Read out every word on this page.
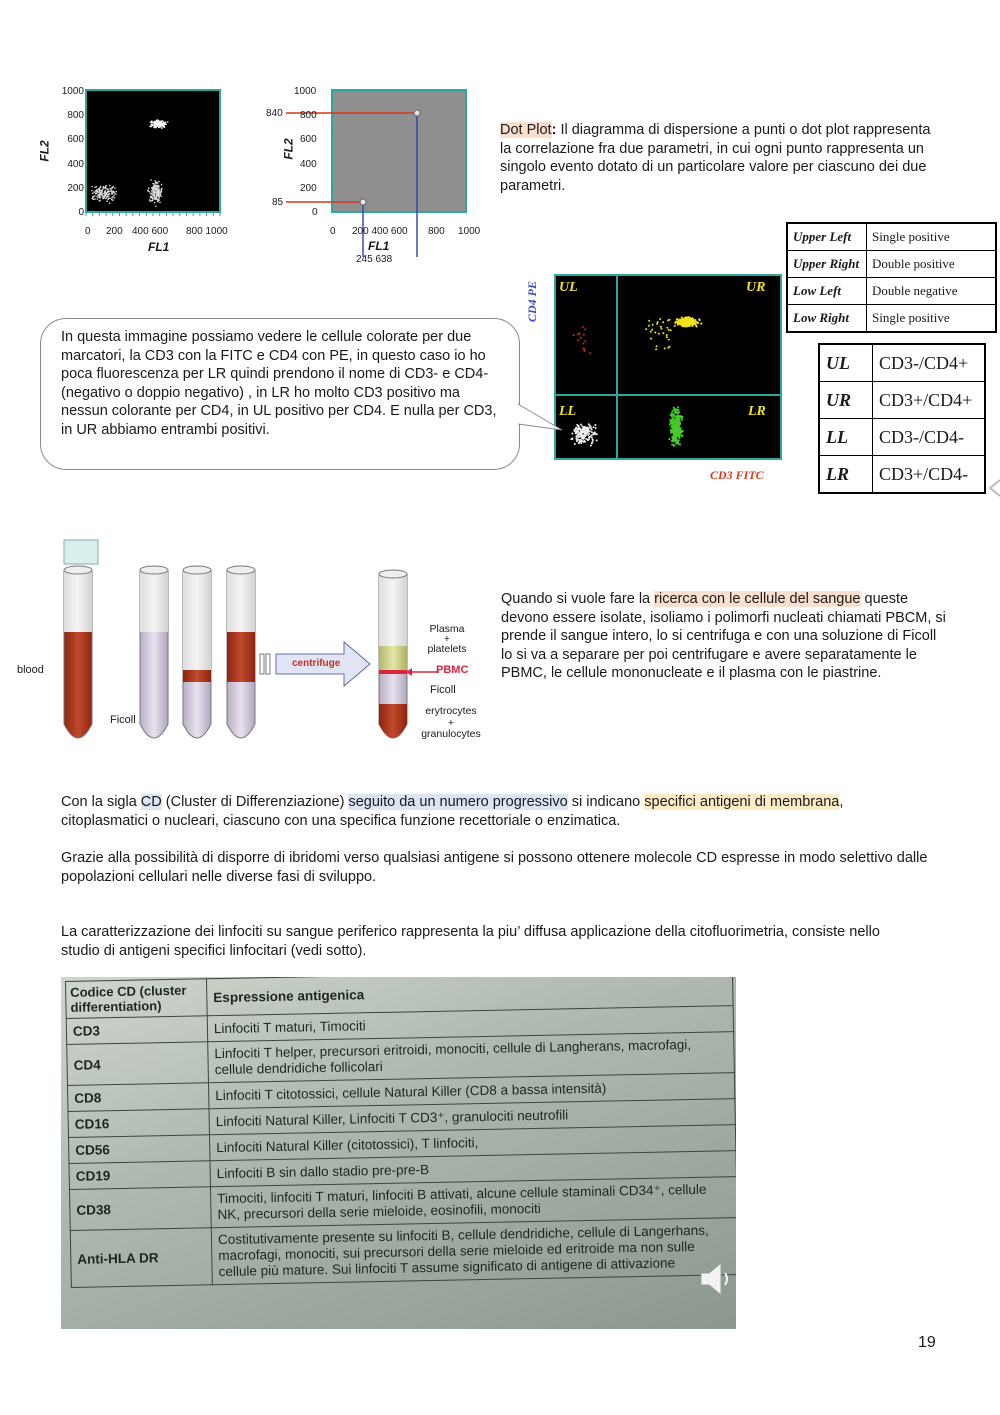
1000
800
600
400
200
0
0 200 400 600 800 1000
FL1
FL2
1000
800
600
400
200
0
840
85
0 200 400 600 800 1000
FL1
FL2
245 638
Dot Plot: Il diagramma di dispersione a punti o dot plot rappresenta la correlazione fra due parametri, in cui ogni punto rappresenta un singolo evento dotato di un particolare valore per ciascuno dei due parametri.
Upper Left	Single positive
Upper Right	Double positive
Low Left	Double negative
Low Right	Single positive
UL	UR
LL	LR
CD3 FITC
CD4 PE
UL	CD3-/CD4+
UR	CD3+/CD4+
LL	CD3-/CD4-
LR	CD3+/CD4-
In questa immagine possiamo vedere le cellule colorate per due marcatori, la CD3 con la FITC e CD4 con PE, in questo caso io ho poca fluorescenza per LR quindi prendono il nome di CD3- e CD4- (negativo o doppio negativo) , in LR ho molto CD3 positivo ma nessun colorante per CD4, in UL positivo per CD4. E nulla per CD3, in UR abbiamo entrambi positivi.
blood
Ficoll
centrifuge
Plasma
+
platelets
PBMC
Ficoll
erytrocytes
+
granulocytes
Quando si vuole fare la ricerca con le cellule del sangue queste devono essere isolate, isoliamo i polimorfi nucleati chiamati PBCM, si prende il sangue intero, lo si centrifuga e con una soluzione di Ficoll lo si va a separare per poi centrifugare e avere separatamente le PBMC, le cellule mononucleate e il plasma con le piastrine.
Con la sigla CD (Cluster di Differenziazione) seguito da un numero progressivo si indicano specifici antigeni di membrana, citoplasmatici o nucleari, ciascuno con una specifica funzione recettoriale o enzimatica.
Grazie alla possibilità di disporre di ibridomi verso qualsiasi antigene si possono ottenere molecole CD espresse in modo selettivo dalle popolazioni cellulari nelle diverse fasi di sviluppo.
La caratterizzazione dei linfociti su sangue periferico rappresenta la piu’ diffusa applicazione della citofluorimetria, consiste nello studio di antigeni specifici linfocitari (vedi sotto).
Codice CD (cluster differentiation)	Espressione antigenica
CD3	Linfociti T maturi, Timociti
CD4	Linfociti T helper, precursori eritroidi, monociti, cellule di Langherans, macrofagi, cellule dendridiche follicolari
CD8	Linfociti T citotossici, cellule Natural Killer (CD8 a bassa intensità)
CD16	Linfociti Natural Killer, Linfociti T CD3⁺, granulociti neutrofili
CD56	Linfociti Natural Killer (citotossici), T linfociti,
CD19	Linfociti B sin dallo stadio pre-pre-B
CD38	Timociti, linfociti T maturi, linfociti B attivati, alcune cellule staminali CD34⁺, cellule NK, precursori della serie mieloide, eosinofili, monociti
Anti-HLA DR	Costitutivamente presente su linfociti B, cellule dendridiche, cellule di Langerhans, macrofagi, monociti, sui precursori della serie mieloide ed eritroide ma non sulle cellule più mature. Sui linfociti T assume significato di antigene di attivazione
19
